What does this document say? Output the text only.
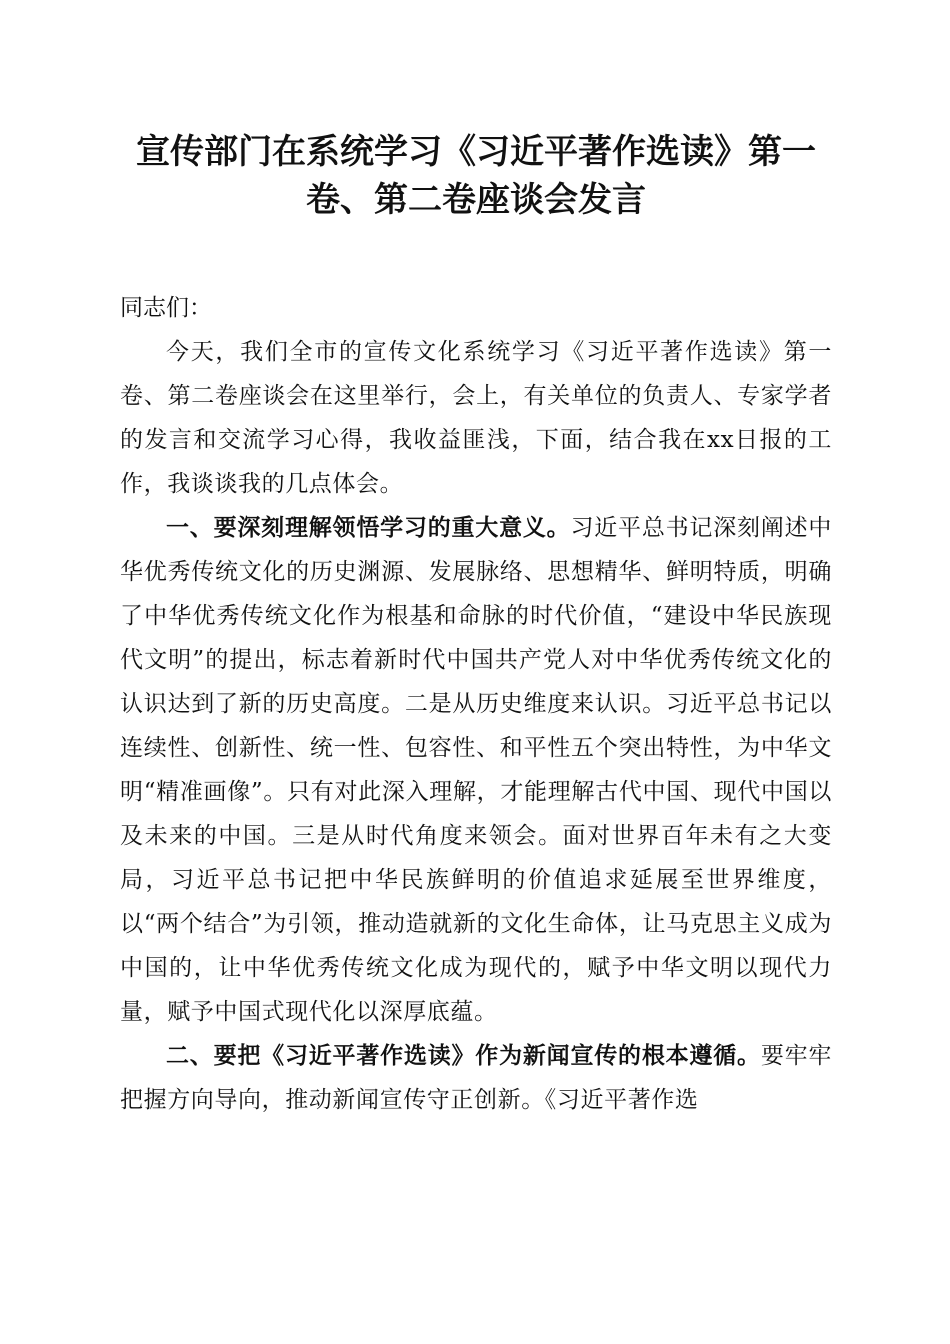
宣传部门在系统学习《习近平著作选读》第一
卷、第二卷座谈会发言

同志们：

今天，我们全市的宣传文化系统学习《习近平著作选读》第一卷、第二卷座谈会在这里举行，会上，有关单位的负责人、专家学者的发言和交流学习心得，我收益匪浅，下面，结合我在xx日报的工作，我谈谈我的几点体会。

一、要深刻理解领悟学习的重大意义。习近平总书记深刻阐述中华优秀传统文化的历史渊源、发展脉络、思想精华、鲜明特质，明确了中华优秀传统文化作为根基和命脉的时代价值，“建设中华民族现代文明”的提出，标志着新时代中国共产党人对中华优秀传统文化的认识达到了新的历史高度。二是从历史维度来认识。习近平总书记以连续性、创新性、统一性、包容性、和平性五个突出特性，为中华文明“精准画像”。只有对此深入理解，才能理解古代中国、现代中国以及未来的中国。三是从时代角度来领会。面对世界百年未有之大变局，习近平总书记把中华民族鲜明的价值追求延展至世界维度，以“两个结合”为引领，推动造就新的文化生命体，让马克思主义成为中国的，让中华优秀传统文化成为现代的，赋予中华文明以现代力量，赋予中国式现代化以深厚底蕴。

二、要把《习近平著作选读》作为新闻宣传的根本遵循。要牢牢把握方向导向，推动新闻宣传守正创新。《习近平著作选
